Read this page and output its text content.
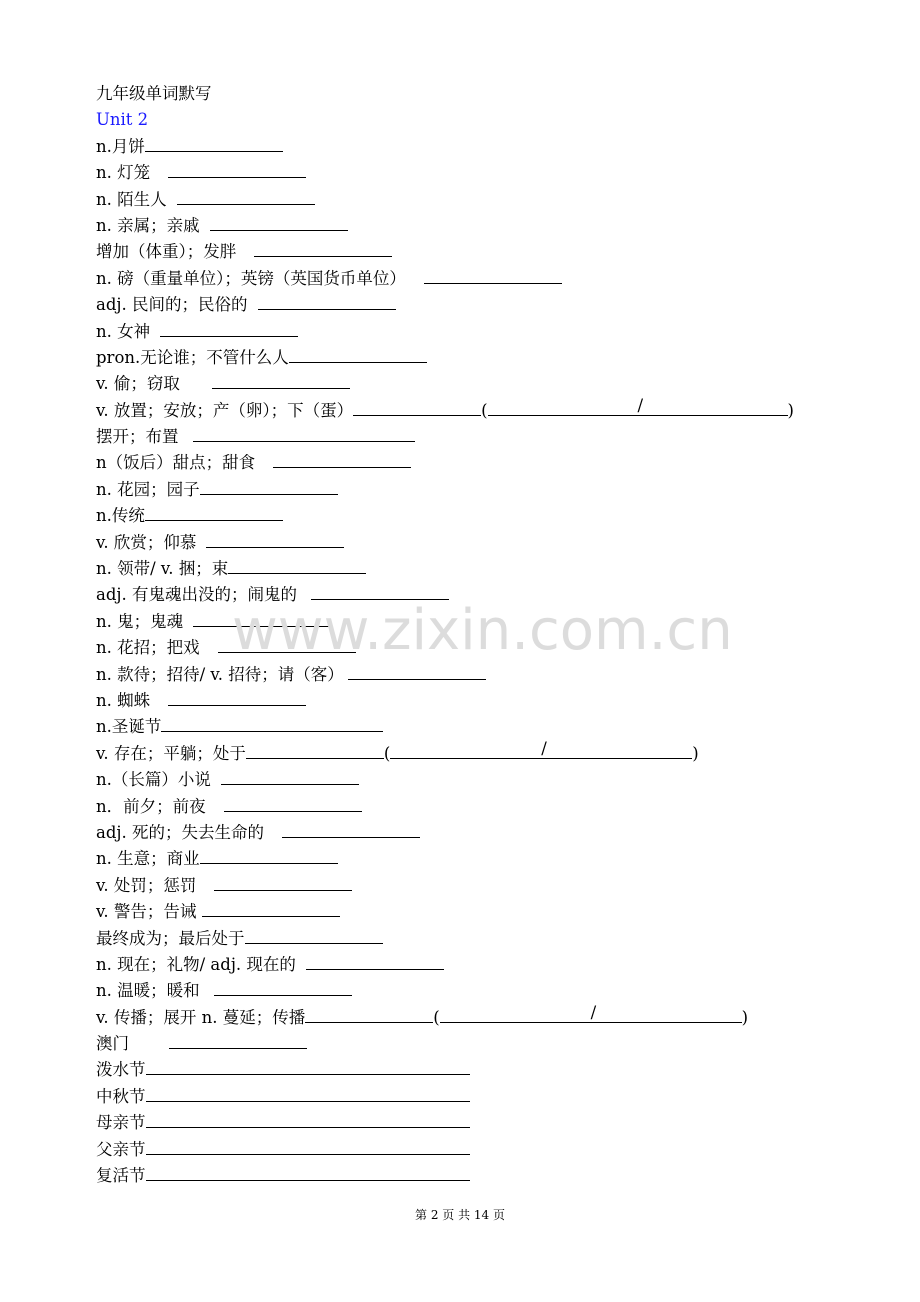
九年级单词默写
Unit 2
n.月饼
n. 灯笼
n. 陌生人
n. 亲属；亲戚
增加（体重）；发胖
n. 磅（重量单位）；英镑（英国货币单位）
adj. 民间的；民俗的
n. 女神
pron.无论谁；不管什么人
v. 偷；窃取
v. 放置；安放；产（卵）；下（蛋）	(	/	)
摆开；布置
n（饭后）甜点；甜食
n. 花园；园子
n.传统
v. 欣赏；仰慕
n. 领带/ v. 捆；束
adj. 有鬼魂出没的；闹鬼的
n. 鬼；鬼魂
n. 花招；把戏
n. 款待；招待/ v. 招待；请（客）
n. 蜘蛛
n.圣诞节
v. 存在；平躺；处于	(	/	)
n.（长篇）小说
n．前夕；前夜
adj. 死的；失去生命的
n. 生意；商业
v. 处罚；惩罚
v. 警告；告诫
最终成为；最后处于
n. 现在；礼物/ adj. 现在的
n. 温暖；暖和
v. 传播；展开 n. 蔓延；传播	(	/	)
澳门
泼水节
中秋节
母亲节
父亲节
复活节
www.zixin.com.cn
第 2 页 共 14 页
